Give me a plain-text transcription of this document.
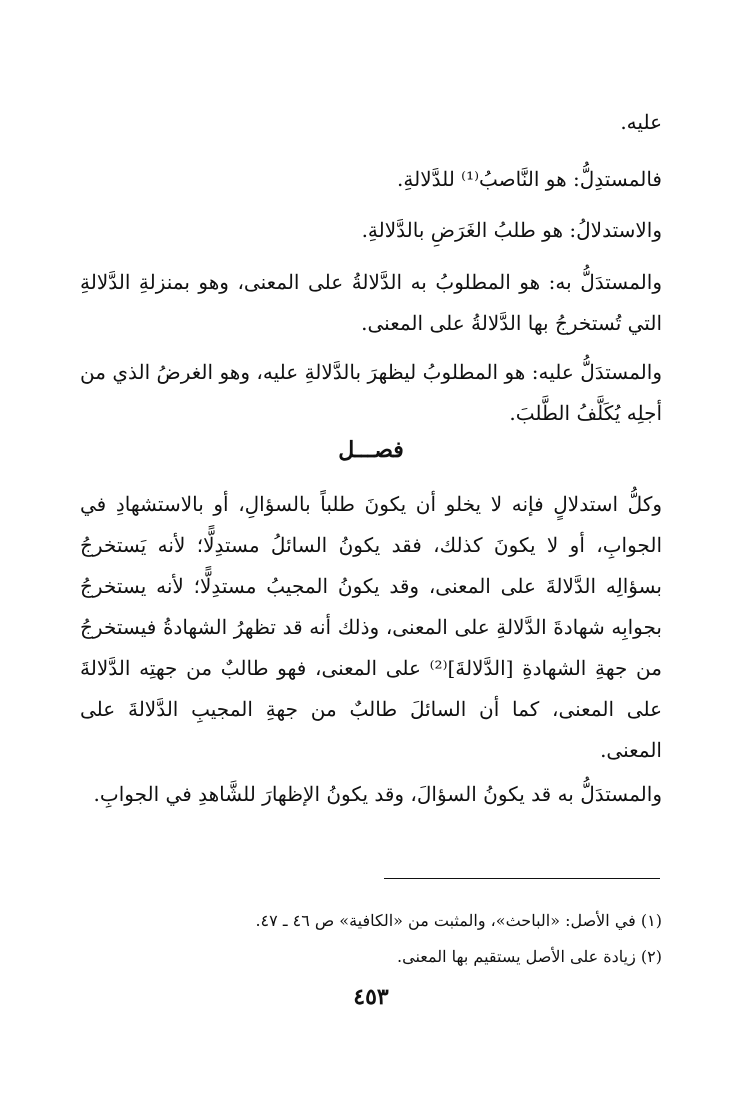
عليه.
فالمستدِلُّ: هو النَّاصبُ⁽¹⁾ للدَّلالةِ.
والاستدلالُ: هو طلبُ الغَرَضِ بالدَّلالةِ.
والمستدَلُّ به: هو المطلوبُ به الدَّلالةُ على المعنى، وهو بمنزلةِ الدَّلالةِ التي تُستخرجُ بها الدَّلالةُ على المعنى.
والمستدَلُّ عليه: هو المطلوبُ ليظهرَ بالدَّلالةِ عليه، وهو الغرضُ الذي من أجلِه يُكَلَّفُ الطَّلبَ.
فصـــل
وكلُّ استدلالٍ فإنه لا يخلو أن يكونَ طلباً بالسؤالِ، أو بالاستشهادِ في الجوابِ، أو لا يكونَ كذلك، فقد يكونُ السائلُ مستدِلًّا؛ لأنه يَستخرجُ بسؤالِه الدَّلالةَ على المعنى، وقد يكونُ المجيبُ مستدِلًّا؛ لأنه يستخرجُ بجوابِه شهادةَ الدَّلالةِ على المعنى، وذلك أنه قد تظهرُ الشهادةُ فيستخرجُ من جهةِ الشهادةِ [الدَّلالةَ]⁽²⁾ على المعنى، فهو طالبٌ من جهتِه الدَّلالةَ على المعنى، كما أن السائلَ طالبٌ من جهةِ المجيبِ الدَّلالةَ على المعنى.
والمستدَلُّ به قد يكونُ السؤالَ، وقد يكونُ الإظهارَ للشَّاهدِ في الجوابِ.
(١) في الأصل: «الباحث»، والمثبت من «الكافية» ص ٤٦ ـ ٤٧.
(٢) زيادة على الأصل يستقيم بها المعنى.
٤٥٣
